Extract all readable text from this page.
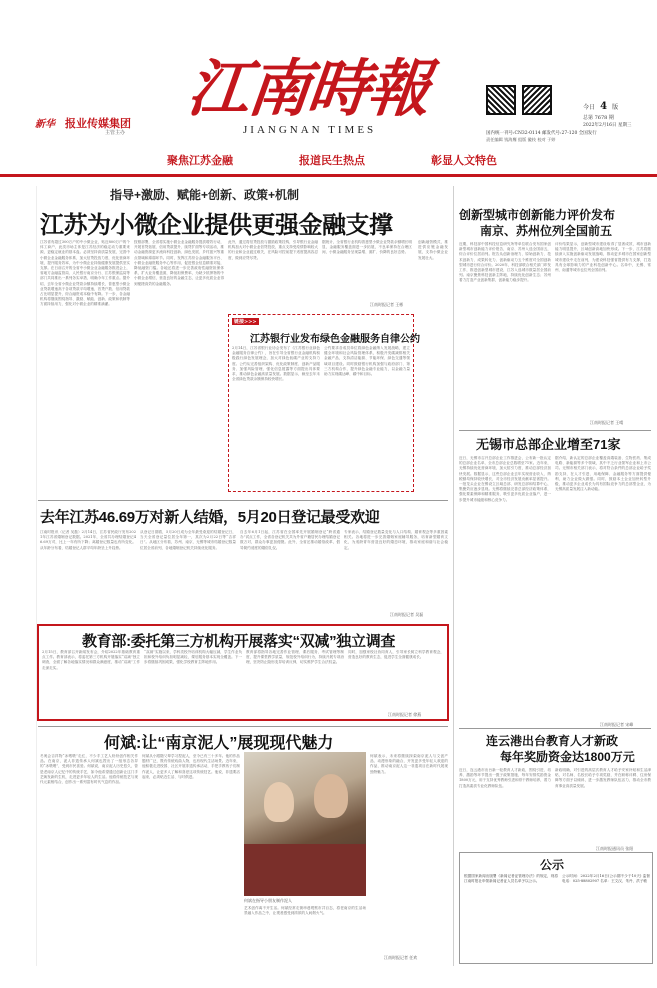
新华 报业传媒集团
主管主办
江南時報
JIANGNAN TIMES
今日 4 版
总第 7678 期
2022年2月16日 星期三
国内统一刊号:CN32-0114 邮发代号:27-120 全国发行
责任编辑 钱海鹰 组版 徽枝 校对 于婷
聚焦江苏金融	报道民生热点	彰显人文特色
指导+激励、赋能+创新、政策+机制
江苏为小微企业提供更强金融支撑
江苏省有超过300万户的中小微企业，贴近800万户的个体工商户，此类市场主体是江苏经济的稳定动力重要来源，更稳定就业的基本盘。必须坚持高质量发展，完善中小微企业金融服务体系，加大信贷投放力度，优化营商环境，提升服务效率，为中小微企业持续健康发展提供坚实支撑。在日前召开的全省中小微企业金融服务推进会上，省地方金融监管局、人民银行南京分行、江苏银保监局等部门共同推出一系列务实举措，明确今年工作重点。据介绍，去年全省小微企业贷款余额持续增长，普惠型小微企业贷款增速高于各项贷款平均增速，首贷户数、信用贷款占比明显提升，综合融资成本稳中有降。下一步，各金融机构将继续围绕指导、激励、赋能、创新、政策和机制等方面持续用力，强化对小微企业的精准滴灌。
按照部署，全省将实施小微企业金融服务提质增效行动，开展首贷拓展、信用贷款提升、续贷扩面等专项活动，推动金融资源更多流向科技创新、绿色发展、乡村振兴等重点领域和薄弱环节。同时，发挥江苏综合金融服务平台、小微企业融资服务中心等作用，促进银企信息精准对接，降低融资门槛。各地还将进一步完善政府性融资担保体系，扩大业务覆盖面，降低担保费率，为缺少抵押物的中小微企业增信，营造良好的金融生态，让更多优质企业得到便捷高效的金融服务。
此外，通过将信贷投放与激励政策挂钩，引导银行业金融机构加大对小微企业信贷投放，重点支持受疫情影响较大的行业和企业渡过难关，在风险可控前提下适度提高容忍度，做到应贷尽贷。
据统计，全省银行业机构普惠型小微企业贷款余额增长明显，金融服务覆盖面进一步拓展，不良率保持在合理区间，小微金融服务呈现量增、面扩、价降的良好态势。
江南时报记者 王彬
链接>>>
江苏银行业发布绿色金融服务自律公约
2月14日，江苏省银行业协会发布了《江苏银行业绿色金融服务自律公约》，旨在引导全省银行业金融机构积极践行绿色发展理念，加大对绿色低碳产业的支持力度。公约从完善组织架构、优化政策制度、创新产品服务、加强风险管理、强化信息披露等方面提出具体要求，推动绿色金融高质量发展。数据显示，截至去年末全省绿色贷款余额保持较快增长。
公约要求各成员单位将绿色金融纳入发展战略，建立健全环境和社会风险管理体系，积极开发碳减排相关金融产品，支持清洁能源、节能环保、绿色交通等领域项目建设。同时鼓励银行机构加强与政府部门、第三方机构合作，提升绿色金融专业能力，以金融力量助力实现碳达峰、碳中和目标。
创新融资模式，推进供应链金融发展，支持小微企业发展壮大。
创新型城市创新能力评价发布
南京、苏州位列全国前五
近期，科技部中国科技信息研究所等单位联合发布国家创新型城市创新能力评价报告，南京、苏州入选全国前五，综合评价位居前列。报告从创新治理力、原始创新力、技术创新力、成果转化力、创新驱动力五个维度对全国创新型城市进行综合评价。2020年，科技部联合相关部门印发工作，推进创新型城市建设，江苏入选城市数量居全国前列。南京聚焦科技创新主阵地，持续优化创新生态；苏州着力打造产业创新集群，创新能力稳步提升。
评价结果显示，创新型城市建设取得了显著成效，城市创新能力明显提升，区域创新高地加快形成。下一步，江苏将继续深入实施创新驱动发展战略，推动更多城市在国家创新型城市建设中走在前列，为建设科技强省提供有力支撑，打造具有全球影响力的产业科技创新中心。名单中，无锡、常州、南通等城市也位列全国前列。
江南时报记者 王晴
无锡市总部企业增至71家
近日，无锡市召开总部企业工作推进会，公布新一批认定的总部企业名单，全市总部企业总数增至71家。近年来，无锡持续优化营商环境，加大招引力度，推动总部经济加快发展。数据显示，这些总部企业去年实现营业收入、纳税额均保持较快增长，对全市经济发展贡献率显著提升。一批龙头企业在锡设立区域总部、研发总部和结算中心，集聚效应逐步显现。无锡将继续完善总部经济政策体系，强化要素保障和精准服务，吸引更多优质企业落户，进一步提升城市能级和核心竞争力。
据介绍，新认定的总部企业覆盖高端装备、生物医药、集成电路、新能源等多个领域，其中不乏行业领军企业和上市公司。无锡市相关部门表示，将对符合条件的总部企业给予奖励支持，在人才引进、用地保障、金融服务等方面提供便利，助力企业做大做强。同时，鼓励本土企业加快转型升级，推动更多企业成长为具有国际竞争力的总部型企业，为无锡高质量发展注入新动能。
江南时报记者 宋峰
去年江苏46.69万对新人结婚，5月20日登记最受欢迎
江南时报讯（记者 吴磊）2月14日，江苏省民政厅发布2021年江苏省婚姻登记数据。2021年，全省共办理结婚登记46.69万对，比上一年有所下降；离婚登记数量也有所变化。从年龄分布看，结婚登记人群平均年龄呈上升趋势。
从登记日期看，5月20日成为全年最受欢迎的结婚登记日，当天全省登记量位居全年第一，其次为2月22日等“吉祥日”。从地区分布看，苏州、南京、无锡等城市结婚登记数量位居全省前列，各地婚姻登记机关持续优化服务。
自去年6月1日起，江苏省在全国率先开展婚姻登记“跨省通办”试点工作，全省各登记机关共为外省户籍居民办理结婚登记数万对，群众办事更加便捷。此外，全省还推动婚俗改革，倡导简约适度的婚俗礼仪。
专家表示，结婚登记数量变化与人口结构、婚育观念等多重因素相关。各地将进一步完善婚姻家庭辅导服务，培育新型婚育文化，为适龄青年营造良好的婚恋环境，推动家庭和谐与社会稳定。
江南时报记者 吴磊
教育部:委托第三方机构开展落实“双减”独立调查
2月15日，教育部召开新闻发布会，介绍2022年基础教育重点工作。教育部表示，将委托第三方机构开展落实“双减”独立调查，全面了解各地落实情况和群众满意度，推动“双减”工作走深走实。
“双减”实施以来，学科类校外培训机构大幅压减，学生作业负担和校外培训负担明显减轻，课后服务基本实现全覆盖。下一步将继续巩固成果，强化学校教育主阵地作用。
教育部将指导各地完善作业管理、课后服务、考试管理等制度，提升课堂教学质量，规范校外培训行为，持续开展专项治理，坚决防止隐形变异培训反弹，切实维护学生合法权益。
同时，加强家校社协同育人，引导家长树立科学教育观念，营造良好的教育生态，促进学生全面健康成长。
江南时报记者 徐燕
连云港出台教育人才新政
每年奖励资金达1800万元
近日，连云港市出台新一轮教育人才新政，围绕引进、培养、激励等环节提出一揽子政策措施，每年安排奖励资金1800万元，用于支持优秀教师引进和骨干教师培养，着力打造高素质专业化教师队伍。
新政明确，对引进的高层次教育人才给予安家补贴和生活津贴，对名师、名校长给予专项奖励，并在职称评聘、住房保障等方面予以倾斜，进一步激发教师队伍活力，推动全市教育事业高质量发展。
江南时报通讯员 张阳
何斌:让“南京泥人”展现现代魅力
冬奥会吉祥物“冰墩墩”走红，不少手工艺人纷纷创作相关作品。在南京，泥人非遗传承人何斌也捏出了一组形态各异的“冰墩墩”，受到市民喜爱。何斌说，南京泥人历史悠久，曾是老南京人记忆中的传统手艺，如今他希望通过创新让这门手艺焕发新的生机，走进更多年轻人的生活。他将传统技艺与现代元素相结合，创作出一系列富有时代气息的作品。
何斌从小跟随父辈学习捏泥人，至今已有三十多年。他的作品题材广泛，既有传统戏曲人物，也有现代生活场景。近年来，他积极走进校园、社区开展非遗传承活动，手把手教孩子们制作泥人，让更多人了解和喜爱这项传统技艺。他说，非遗要活起来，必须贴近生活、与时俱进。
何斌在指导小朋友制作泥人
何斌表示，未来将继续探索南京泥人与文创产品、动漫形象的融合，开发更多受年轻人欢迎的作品，推动南京泥人这一非遗项目在新时代展现独特魅力。
艺术创作离不开生活。何斌经常走街串巷观察市井百态，将老南京的生活场景融入作品之中，让观者感受到浓浓的人间烟火气。
江南时报记者 任欢
公示
根据国家新闻出版署《新闻记者证管理办法》的规定，现将江南时报社申领新闻记者证人员名单予以公示。
公示时间：2022年2月16日(公示期不少于10天) 监督电话：025-88802907 名单：王文汉、朱丹、洪子敏
